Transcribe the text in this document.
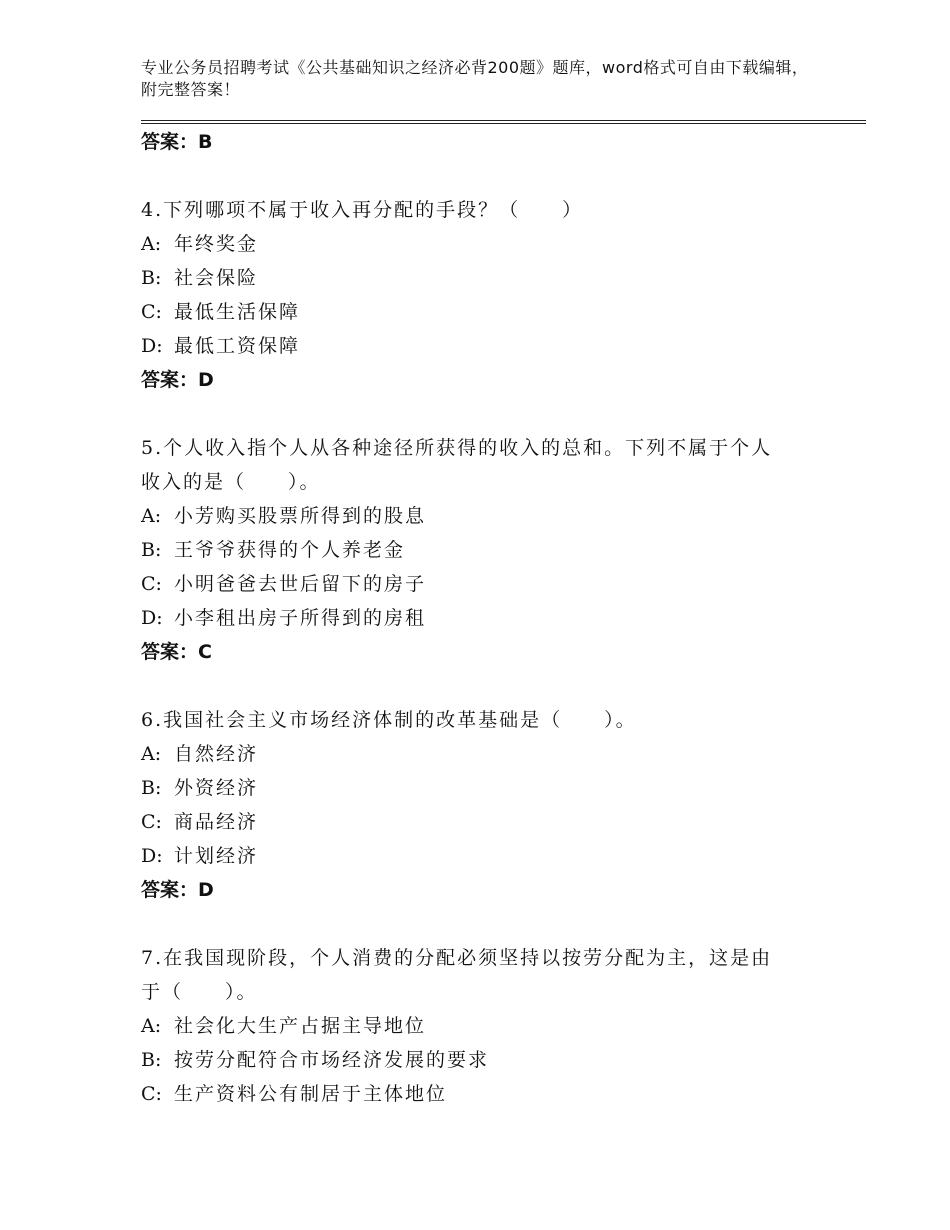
专业公务员招聘考试《公共基础知识之经济必背200题》题库，word格式可自由下载编辑，附完整答案！
答案：B
4.下列哪项不属于收入再分配的手段？（　　）
A: 年终奖金
B: 社会保险
C: 最低生活保障
D: 最低工资保障
答案：D
5.个人收入指个人从各种途径所获得的收入的总和。下列不属于个人
收入的是（　　）。
A: 小芳购买股票所得到的股息
B: 王爷爷获得的个人养老金
C: 小明爸爸去世后留下的房子
D: 小李租出房子所得到的房租
答案：C
6.我国社会主义市场经济体制的改革基础是（　　）。
A: 自然经济
B: 外资经济
C: 商品经济
D: 计划经济
答案：D
7.在我国现阶段，个人消费的分配必须坚持以按劳分配为主，这是由
于（　　）。
A: 社会化大生产占据主导地位
B: 按劳分配符合市场经济发展的要求
C: 生产资料公有制居于主体地位
